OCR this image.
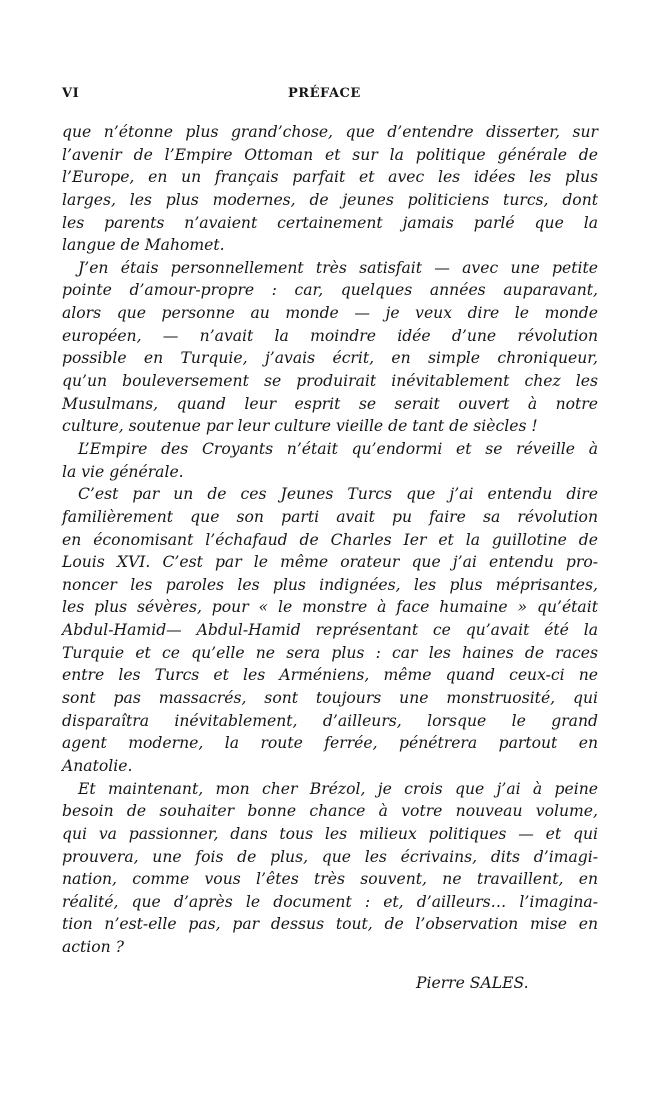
VI	PRÉFACE
que n’étonne plus grand’chose, que d’entendre disserter, sur
l’avenir de l’Empire Ottoman et sur la politique générale de
l’Europe, en un français parfait et avec les idées les plus
larges, les plus modernes, de jeunes politiciens turcs, dont
les parents n’avaient certainement jamais parlé que la
langue de Mahomet.
J’en étais personnellement très satisfait — avec une petite
pointe d’amour-propre : car, quelques années auparavant,
alors que personne au monde — je veux dire le monde
européen, — n’avait la moindre idée d’une révolution
possible en Turquie, j’avais écrit, en simple chroniqueur,
qu’un bouleversement se produirait inévitablement chez les
Musulmans, quand leur esprit se serait ouvert à notre
culture, soutenue par leur culture vieille de tant de siècles !
L’Empire des Croyants n’était qu’endormi et se réveille à
la vie générale.
C’est par un de ces Jeunes Turcs que j’ai entendu dire
familièrement que son parti avait pu faire sa révolution
en économisant l’échafaud de Charles Ier et la guillotine de
Louis XVI. C’est par le même orateur que j’ai entendu pro-
noncer les paroles les plus indignées, les plus méprisantes,
les plus sévères, pour « le monstre à face humaine » qu’était
Abdul-Hamid— Abdul-Hamid représentant ce qu’avait été la
Turquie et ce qu’elle ne sera plus : car les haines de races
entre les Turcs et les Arméniens, même quand ceux-ci ne
sont pas massacrés, sont toujours une monstruosité, qui
disparaîtra inévitablement, d’ailleurs, lorsque le grand
agent moderne, la route ferrée, pénétrera partout en
Anatolie.
Et maintenant, mon cher Brézol, je crois que j’ai à peine
besoin de souhaiter bonne chance à votre nouveau volume,
qui va passionner, dans tous les milieux politiques — et qui
prouvera, une fois de plus, que les écrivains, dits d’imagi-
nation, comme vous l’êtes très souvent, ne travaillent, en
réalité, que d’après le document : et, d’ailleurs… l’imagina-
tion n’est-elle pas, par dessus tout, de l’observation mise en
action ?
Pierre SALES.
